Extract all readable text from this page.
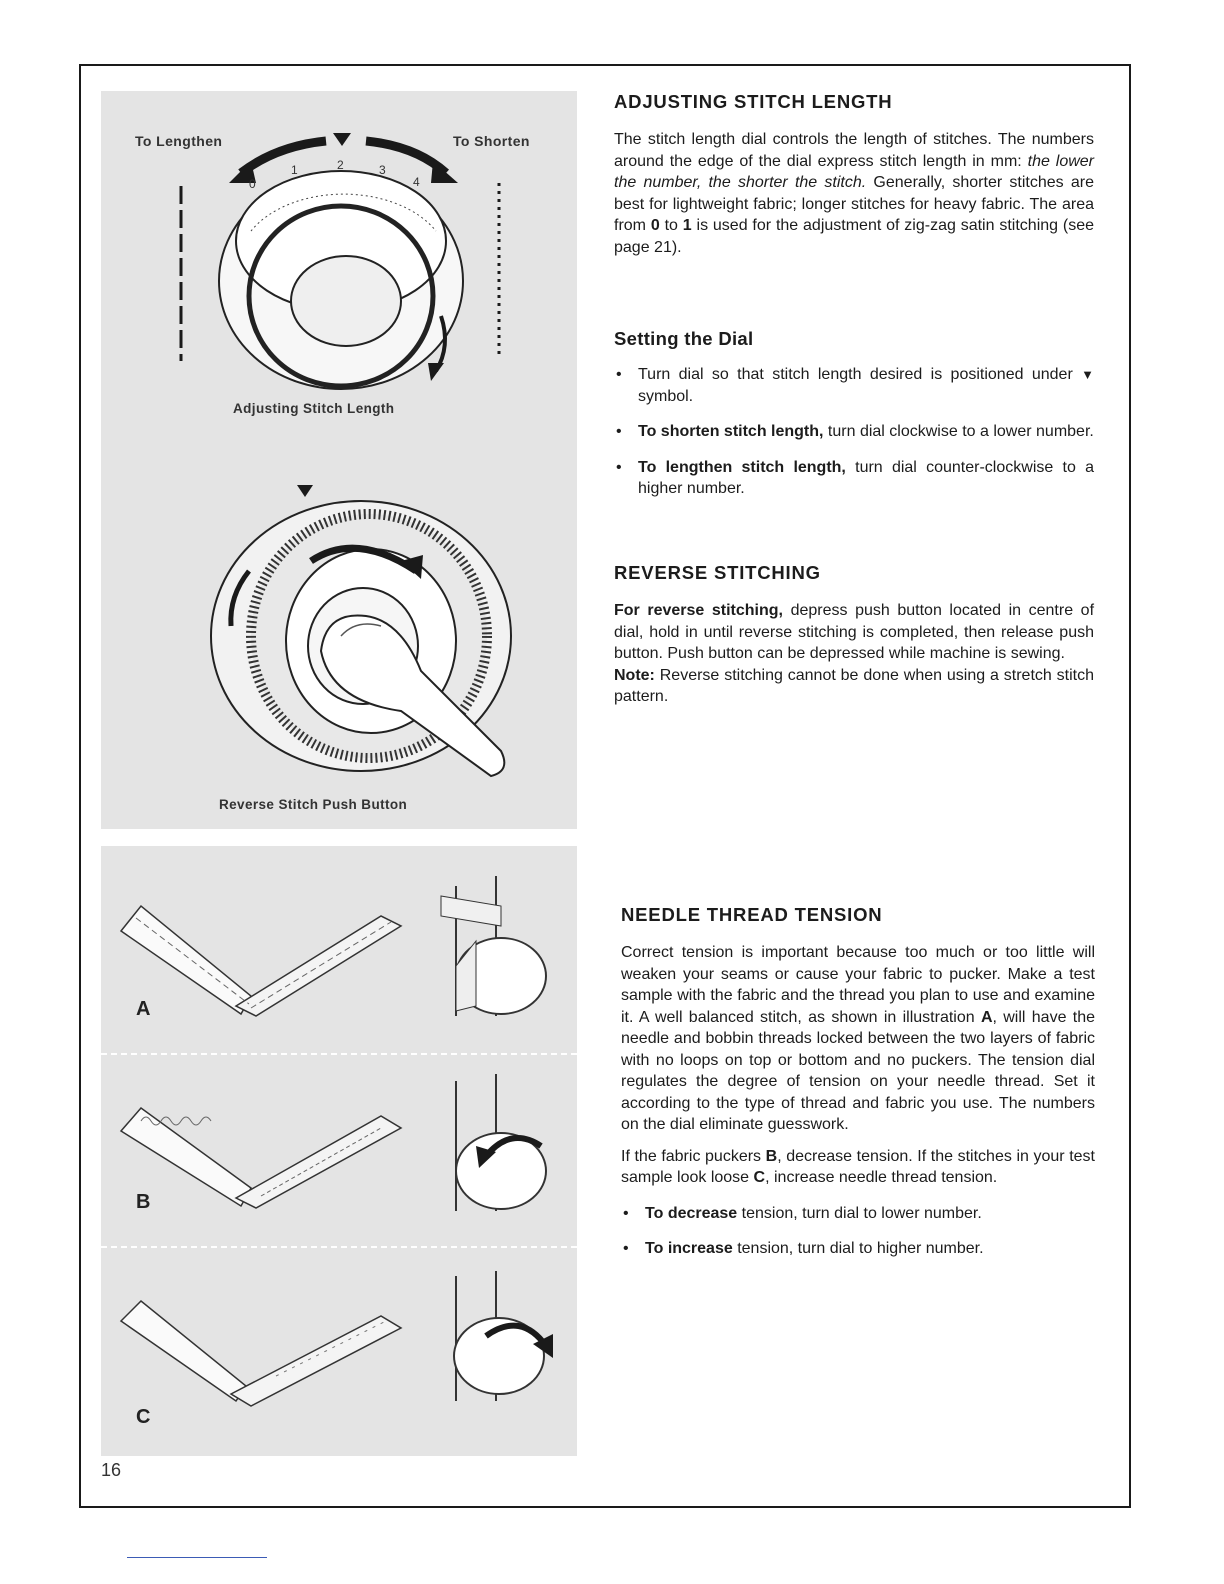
To Lengthen	To Shorten
0
1	2	3
4
Adjusting Stitch Length
Reverse Stitch Push Button
A
B
C
ADJUSTING STITCH LENGTH

The stitch length dial controls the length of stitches. The numbers around the edge of the dial express stitch length in mm: the lower the number, the shorter the stitch. Generally, shorter stitches are best for lightweight fabric; longer stitches for heavy fabric. The area from 0 to 1 is used for the adjustment of zig-zag satin stitching (see page 21).

Setting the Dial
• Turn dial so that stitch length desired is positioned under ▼ symbol.
• To shorten stitch length, turn dial clockwise to a lower number.
• To lengthen stitch length, turn dial counter-clockwise to a higher number.
REVERSE STITCHING

For reverse stitching, depress push button located in centre of dial, hold in until reverse stitching is completed, then release push button. Push button can be depressed while machine is sewing.

Note: Reverse stitching cannot be done when using a stretch stitch pattern.

NEEDLE THREAD TENSION

Correct tension is important because too much or too little will weaken your seams or cause your fabric to pucker. Make a test sample with the fabric and the thread you plan to use and examine it. A well balanced stitch, as shown in illustration A, will have the needle and bobbin threads locked between the two layers of fabric with no loops on top or bottom and no puckers. The tension dial regulates the degree of tension on your needle thread. Set it according to the type of thread and fabric you use. The numbers on the dial eliminate guesswork.

If the fabric puckers B, decrease tension. If the stitches in your test sample look loose C, increase needle thread tension.

• To decrease tension, turn dial to lower number.
• To increase tension, turn dial to higher number.
16
